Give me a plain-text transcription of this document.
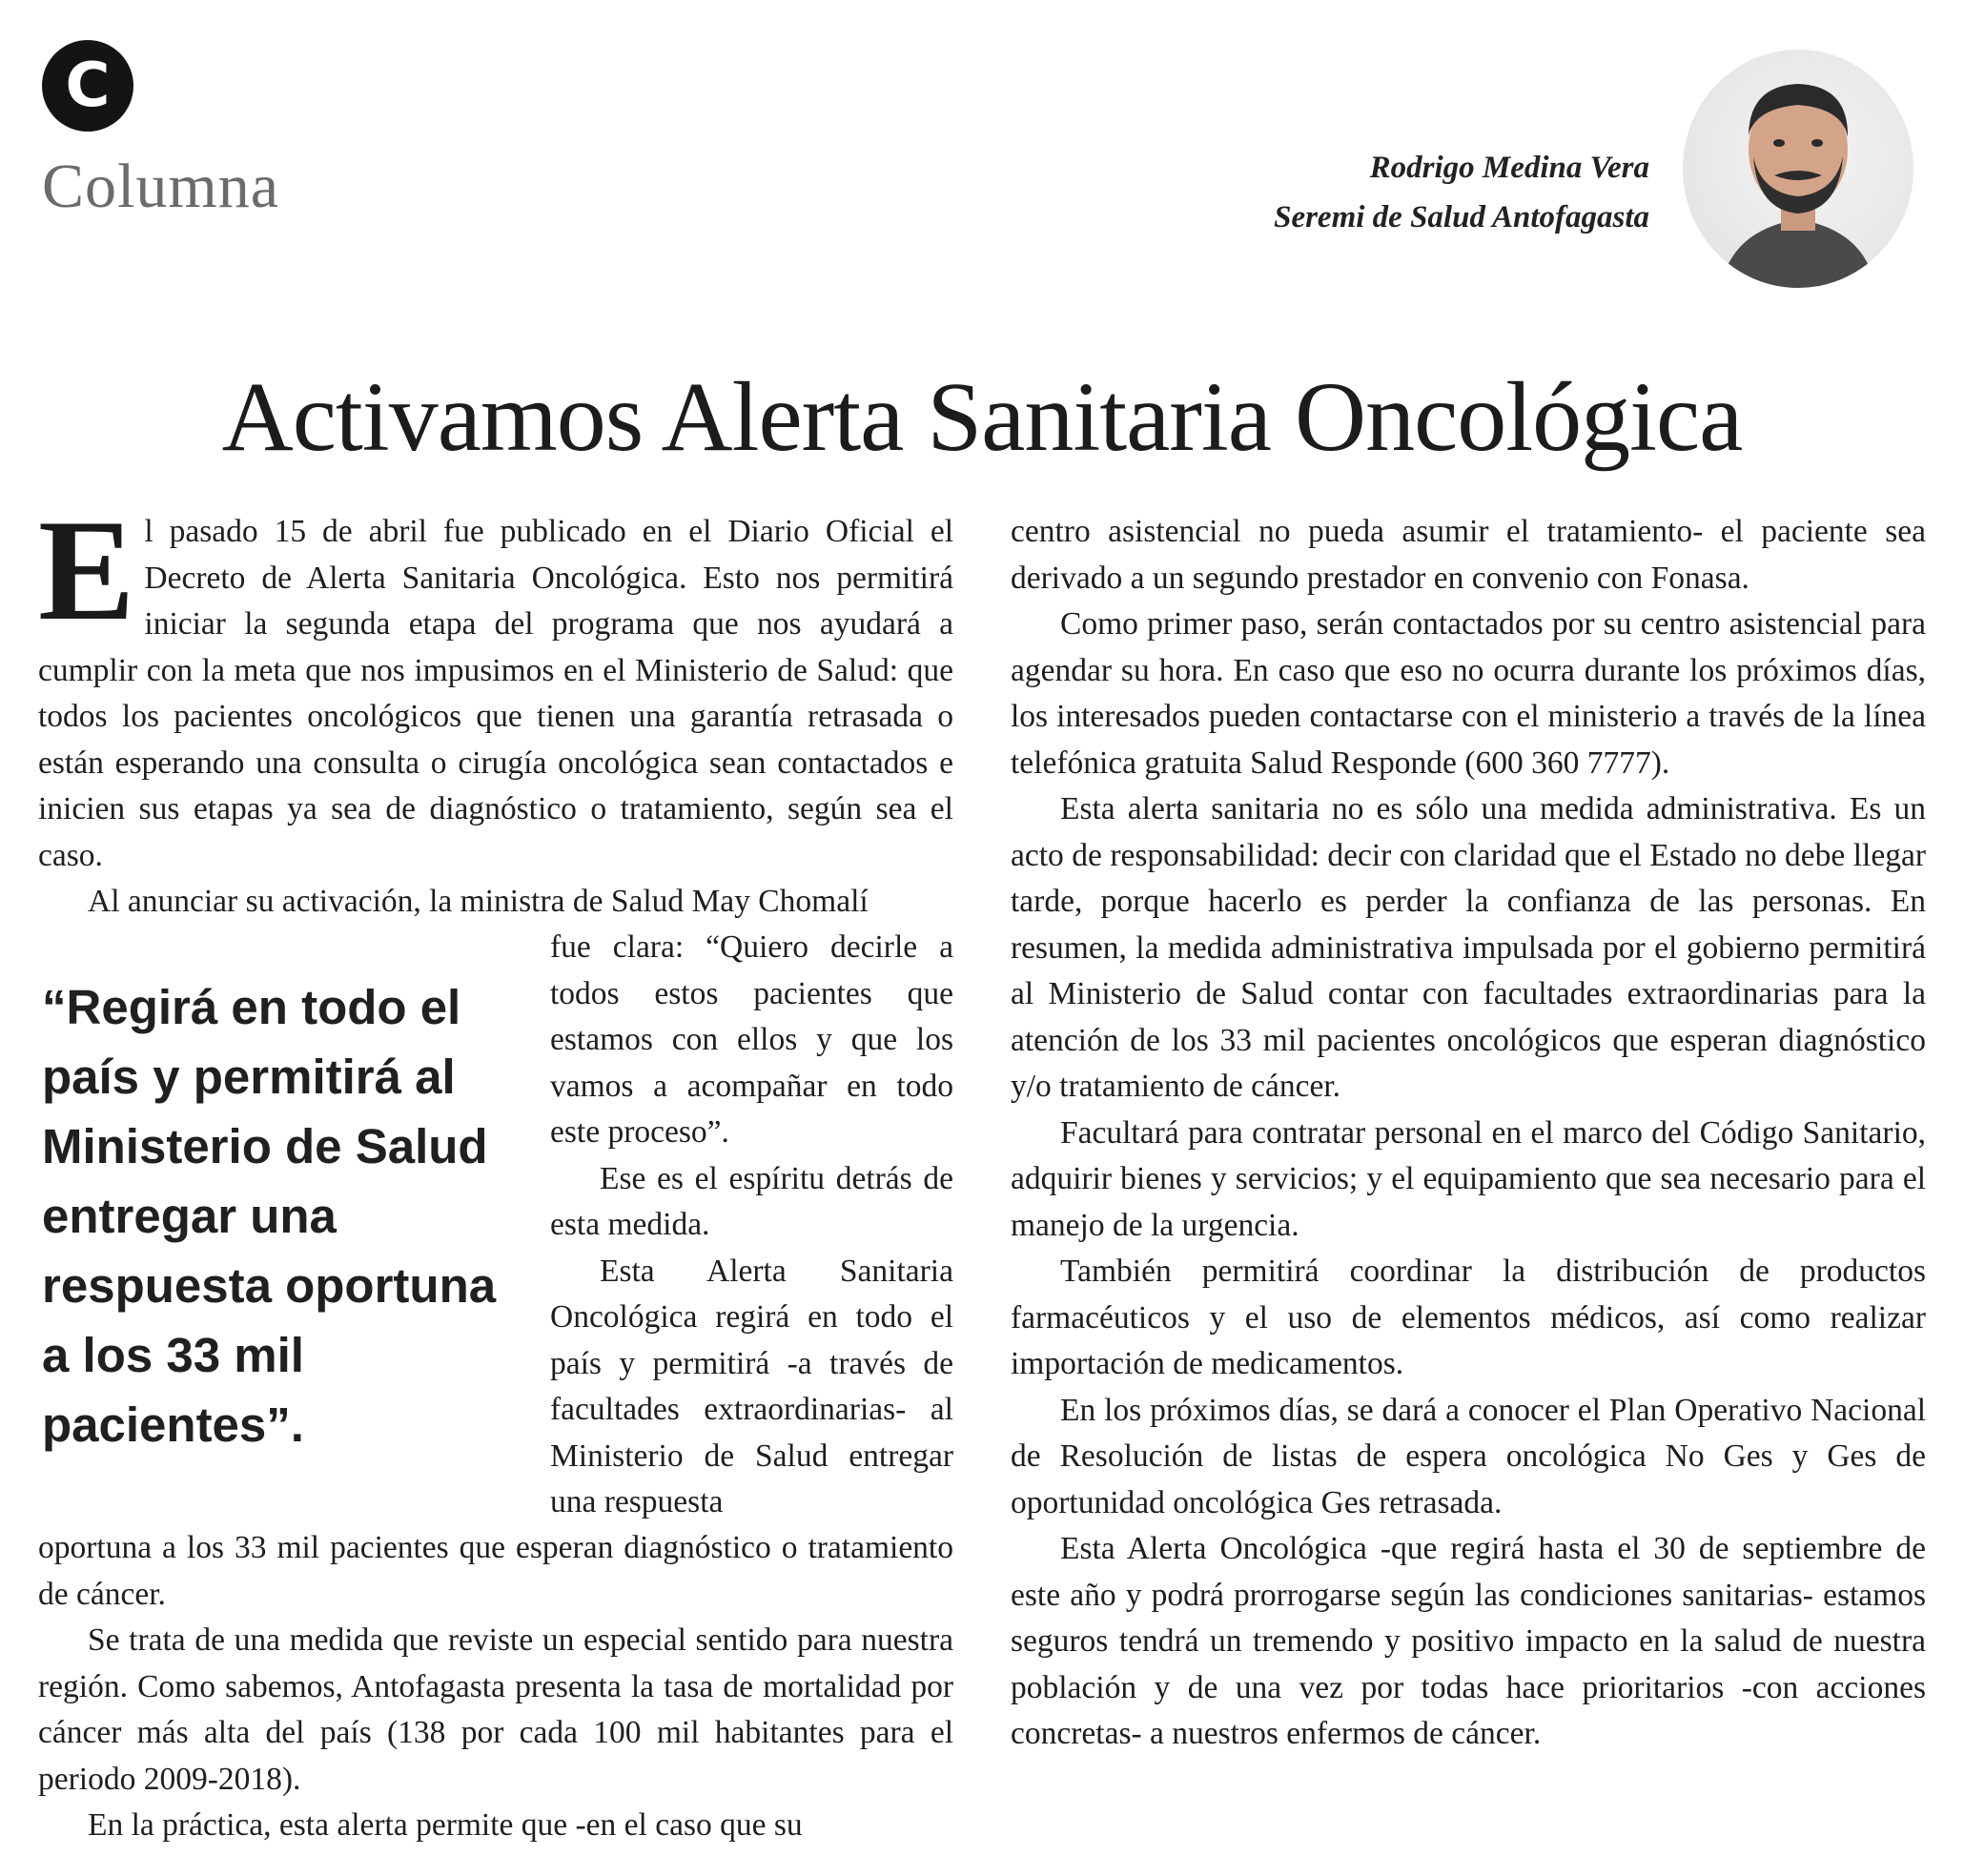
C
Columna	Rodrigo Medina Vera
Seremi de Salud Antofagasta
Activamos Alerta Sanitaria Oncológica

El pasado 15 de abril fue publicado en el Diario Oficial el Decreto de Alerta Sanitaria Oncológica. Esto nos permitirá iniciar la segunda etapa del programa que nos ayudará a cumplir con la meta que nos impusimos en el Ministerio de Salud: que todos los pacientes oncológicos que tienen una garantía retrasada o están esperando una consulta o cirugía oncológica sean contactados e inicien sus etapas ya sea de diagnóstico o tratamiento, según sea el caso.

Al anunciar su activación, la ministra de Salud May Chomalí

“Regirá en todo el país y permitirá al Ministerio de Salud entregar una respuesta oportuna a los 33 mil pacientes”.

fue clara: “Quiero decirle a todos estos pacientes que estamos con ellos y que los vamos a acompañar en todo este proceso”.

Ese es el espíritu detrás de esta medida.

Esta Alerta Sanitaria Oncológica regirá en todo el país y permitirá -a través de facultades extraordinarias- al Ministerio de Salud entregar una respuesta

oportuna a los 33 mil pacientes que esperan diagnóstico o tratamiento de cáncer.

Se trata de una medida que reviste un especial sentido para nuestra región. Como sabemos, Antofagasta presenta la tasa de mortalidad por cáncer más alta del país (138 por cada 100 mil habitantes para el periodo 2009-2018).

En la práctica, esta alerta permite que -en el caso que su

centro asistencial no pueda asumir el tratamiento- el paciente sea derivado a un segundo prestador en convenio con Fonasa.

Como primer paso, serán contactados por su centro asistencial para agendar su hora. En caso que eso no ocurra durante los próximos días, los interesados pueden contactarse con el ministerio a través de la línea telefónica gratuita Salud Responde (600 360 7777).

Esta alerta sanitaria no es sólo una medida administrativa. Es un acto de responsabilidad: decir con claridad que el Estado no debe llegar tarde, porque hacerlo es perder la confianza de las personas. En resumen, la medida administrativa impulsada por el gobierno permitirá al Ministerio de Salud contar con facultades extraordinarias para la atención de los 33 mil pacientes oncológicos que esperan diagnóstico y/o tratamiento de cáncer.

Facultará para contratar personal en el marco del Código Sanitario, adquirir bienes y servicios; y el equipamiento que sea necesario para el manejo de la urgencia.

También permitirá coordinar la distribución de productos farmacéuticos y el uso de elementos médicos, así como realizar importación de medicamentos.

En los próximos días, se dará a conocer el Plan Operativo Nacional de Resolución de listas de espera oncológica No Ges y Ges de oportunidad oncológica Ges retrasada.

Esta Alerta Oncológica -que regirá hasta el 30 de septiembre de este año y podrá prorrogarse según las condiciones sanitarias- estamos seguros tendrá un tremendo y positivo impacto en la salud de nuestra población y de una vez por todas hace prioritarios -con acciones concretas- a nuestros enfermos de cáncer.
